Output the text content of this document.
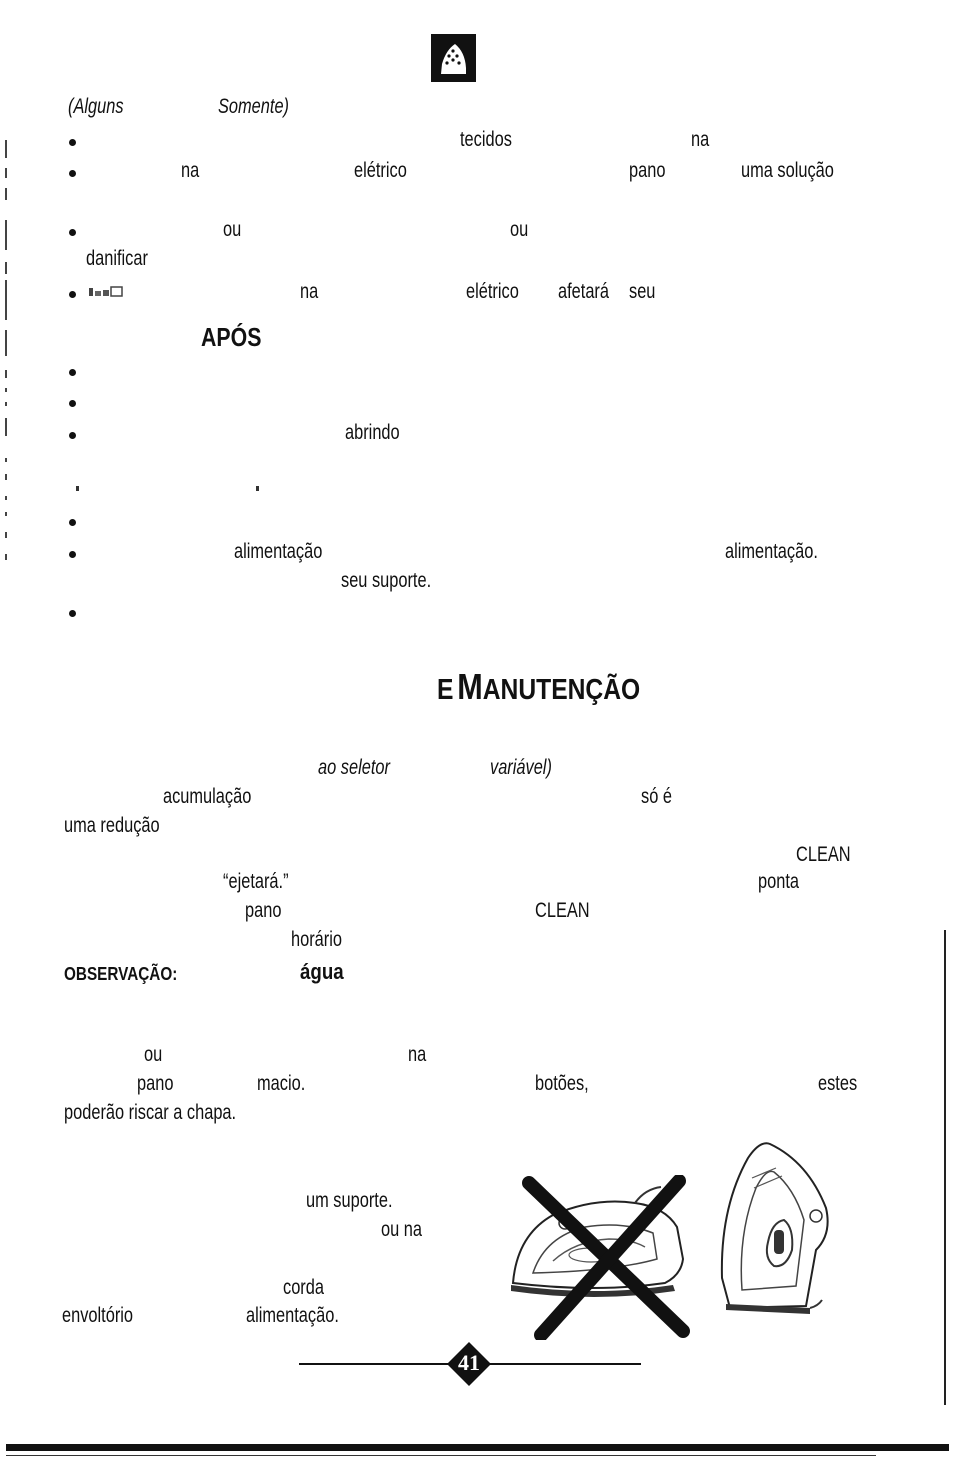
(Alguns	Somente)
tecidos	na
na	elétrico	pano	uma solução
ou	ou
danificar
na	elétrico afetará seu
APÓS
abrindo
alimentação	alimentação.
seu suporte.
E MANUTENÇÃO
ao seletor	variável)
acumulação	só é
uma redução
CLEAN
“ejetará.”	ponta
pano	CLEAN
horário
OBSERVAÇÃO:	água
ou	na
pano	macio.	botões,	estes
poderão riscar a chapa.
um suporte.
ou na
corda
envoltório	alimentação.
41
